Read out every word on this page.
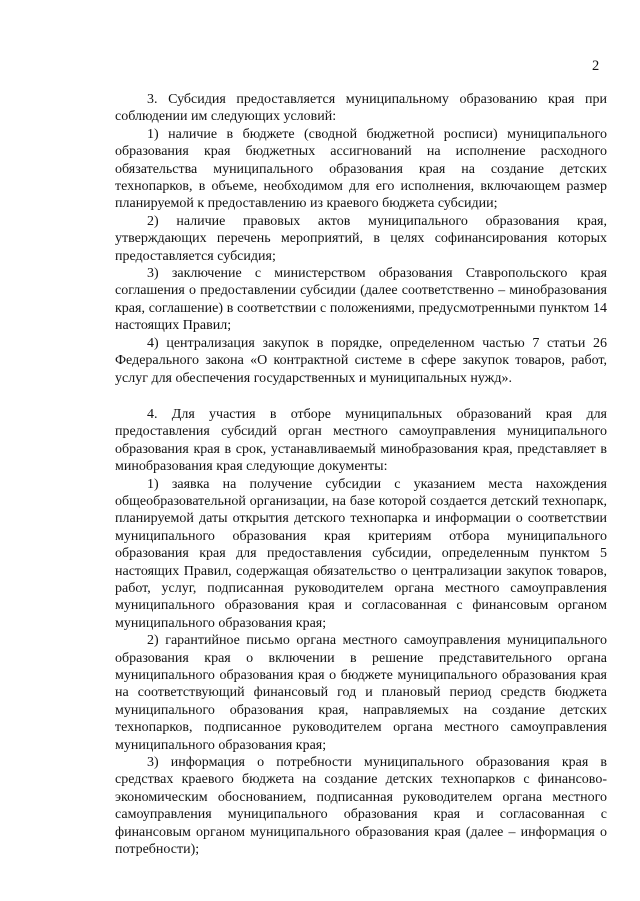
2

3. Субсидия предоставляется муниципальному образованию края при соблюдении им следующих условий:

1) наличие в бюджете (сводной бюджетной росписи) муниципального образования края бюджетных ассигнований на исполнение расходного обязательства муниципального образования края на создание детских технопарков, в объеме, необходимом для его исполнения, включающем размер планируемой к предоставлению из краевого бюджета субсидии;

2) наличие правовых актов муниципального образования края, утверждающих перечень мероприятий, в целях софинансирования которых предоставляется субсидия;

3) заключение с министерством образования Ставропольского края соглашения о предоставлении субсидии (далее соответственно – минобразования края, соглашение) в соответствии с положениями, предусмотренными пунктом 14 настоящих Правил;

4) централизация закупок в порядке, определенном частью 7 статьи 26 Федерального закона «О контрактной системе в сфере закупок товаров, работ, услуг для обеспечения государственных и муниципальных нужд».

4. Для участия в отборе муниципальных образований края для предоставления субсидий орган местного самоуправления муниципального образования края в срок, устанавливаемый минобразования края, представляет в минобразования края следующие документы:

1) заявка на получение субсидии с указанием места нахождения общеобразовательной организации, на базе которой создается детский технопарк, планируемой даты открытия детского технопарка и информации о соответствии муниципального образования края критериям отбора муниципального образования края для предоставления субсидии, определенным пунктом 5 настоящих Правил, содержащая обязательство о централизации закупок товаров, работ, услуг, подписанная руководителем органа местного самоуправления муниципального образования края и согласованная с финансовым органом муниципального образования края;

2) гарантийное письмо органа местного самоуправления муниципального образования края о включении в решение представительного органа муниципального образования края о бюджете муниципального образования края на соответствующий финансовый год и плановый период средств бюджета муниципального образования края, направляемых на создание детских технопарков, подписанное руководителем органа местного самоуправления муниципального образования края;

3) информация о потребности муниципального образования края в средствах краевого бюджета на создание детских технопарков с финансово-экономическим обоснованием, подписанная руководителем органа местного самоуправления муниципального образования края и согласованная с финансовым органом муниципального образования края (далее – информация о потребности);
